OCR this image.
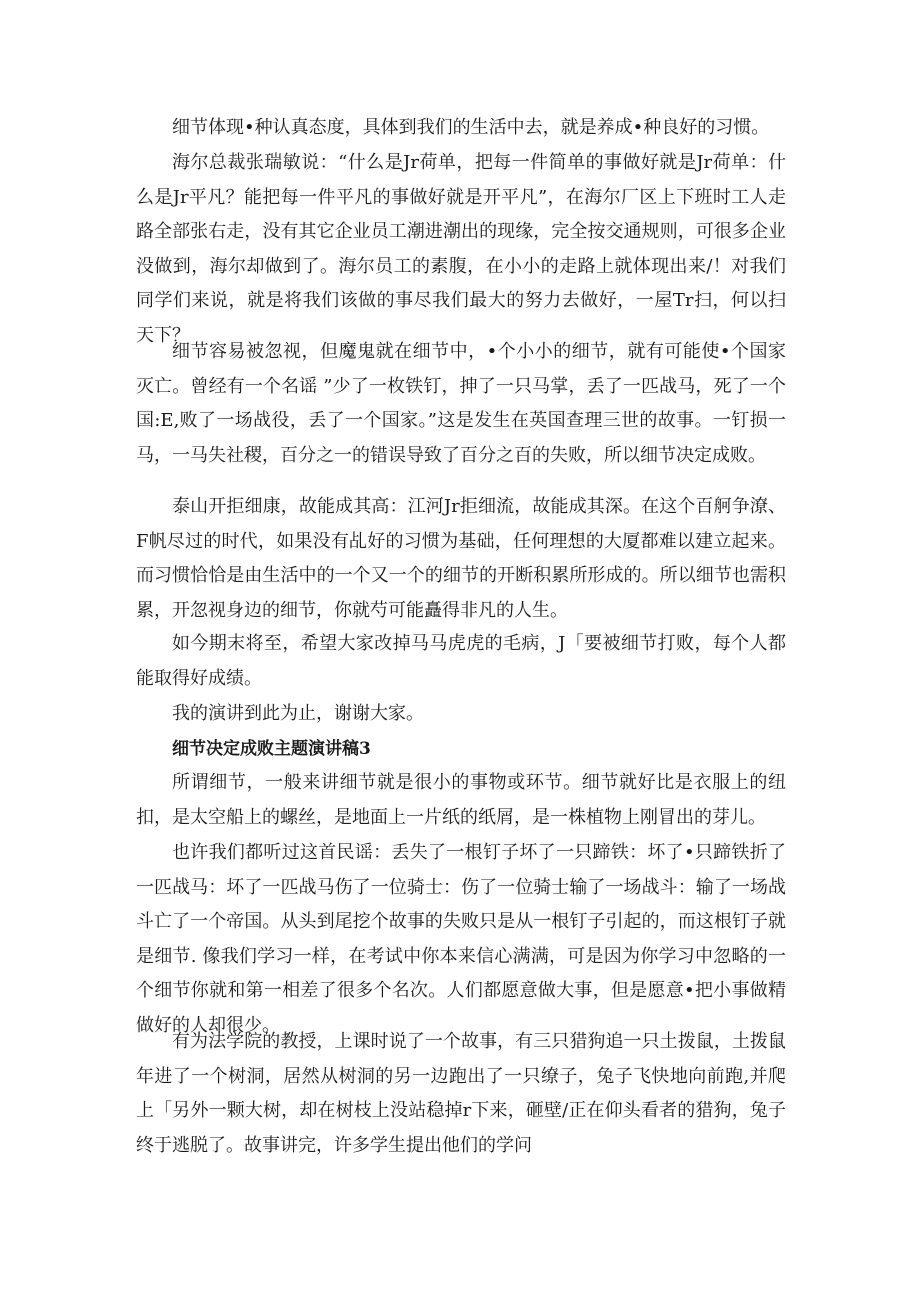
细节体现•种认真态度，具体到我们的生活中去，就是养成•种良好的习惯。

海尔总裁张瑞敏说：“什么是Jr荷单，把每一件简单的事做好就是Jr荷单：什么是Jr平凡？能把每一件平凡的事做好就是开平凡”，在海尔厂区上下班时工人走路全部张右走，没有其它企业员工潮进潮出的现缘，完全按交通规则，可很多企业没做到，海尔却做到了。海尔员工的素腹，在小小的走路上就体现出来/！对我们同学们来说，就是将我们该做的事尽我们最大的努力去做好，一屋Tr扫，何以扫天下？

细节容易被忽视，但魔鬼就在细节中，•个小小的细节，就有可能使•个国家灭亡。曾经有一个名谣 ”少了一枚铁钉，抻了一只马掌，丢了一匹战马，死了一个国:E,败了一场战役，丢了一个国家。”这是发生在英国查理三世的故事。一钉损一马，一马失社稷，百分之一的错误导致了百分之百的失败，所以细节决定成败。

泰山开拒细康，故能成其高：江河Jr拒细流，故能成其深。在这个百舸争潦、F帆尽过的时代，如果没有乩好的习惯为基础，任何理想的大厦都难以建立起来。而习惯恰恰是由生活中的一个又一个的细节的开断积累所形成的。所以细节也需积累，开忽视身边的细节，你就芍可能矗得非凡的人生。

如今期末将至，希望大家改掉马马虎虎的毛病，J「要被细节打败，每个人都能取得好成绩。

我的演讲到此为止，谢谢大家。

细节决定成败主题演讲稿3

所谓细节，一般来讲细节就是很小的事物或环节。细节就好比是衣服上的纽扣，是太空船上的螺丝，是地面上一片纸的纸屑，是一株植物上刚冒出的芽儿。

也许我们都听过这首民谣：丢失了一根钉子坏了一只蹄铁：坏了•只蹄铁折了一匹战马：坏了一匹战马伤了一位骑士：伤了一位骑士输了一场战斗：输了一场战斗亡了一个帝国。从头到尾挖个故事的失败只是从一根钉子引起的，而这根钉子就是细节. 像我们学习一样，在考试中你本来信心满满，可是因为你学习中忽略的一个细节你就和第一相差了很多个名次。人们都愿意做大事，但是愿意•把小事做精做好的人却很少。

有为法学院的教授，上课时说了一个故事，有三只猎狗追一只土拨鼠，土拨鼠年进了一个树洞，居然从树洞的另一边跑出了一只缭子，兔子飞快地向前跑,并爬上「另外一颗大树，却在树枝上没站稳掉r下来，砸壁/正在仰头看者的猎狗，兔子终于逃脱了。故事讲完，许多学生提出他们的学问
